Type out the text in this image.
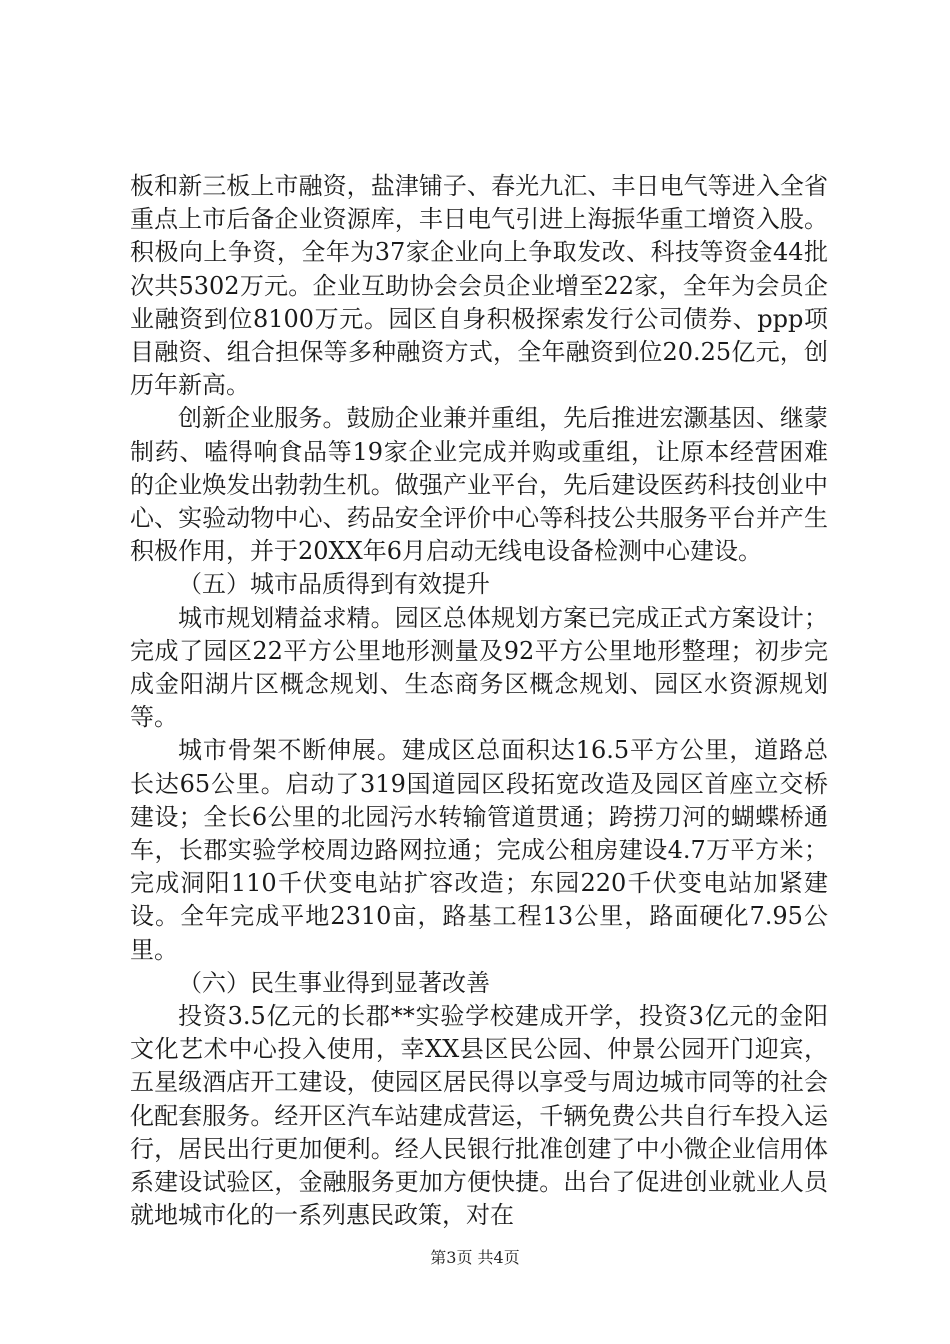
板和新三板上市融资，盐津铺子、春光九汇、丰日电气等进入全省重点上市后备企业资源库，丰日电气引进上海振华重工增资入股。积极向上争资，全年为37家企业向上争取发改、科技等资金44批次共5302万元。企业互助协会会员企业增至22家，全年为会员企业融资到位8100万元。园区自身积极探索发行公司债券、ppp项目融资、组合担保等多种融资方式，全年融资到位20.25亿元，创历年新高。

创新企业服务。鼓励企业兼并重组，先后推进宏灏基因、继蒙制药、嗑得响食品等19家企业完成并购或重组，让原本经营困难的企业焕发出勃勃生机。做强产业平台，先后建设医药科技创业中心、实验动物中心、药品安全评价中心等科技公共服务平台并产生积极作用，并于20XX年6月启动无线电设备检测中心建设。

（五）城市品质得到有效提升

城市规划精益求精。园区总体规划方案已完成正式方案设计；完成了园区22平方公里地形测量及92平方公里地形整理；初步完成金阳湖片区概念规划、生态商务区概念规划、园区水资源规划等。

城市骨架不断伸展。建成区总面积达16.5平方公里，道路总长达65公里。启动了319国道园区段拓宽改造及园区首座立交桥建设；全长6公里的北园污水转输管道贯通；跨捞刀河的蝴蝶桥通车，长郡实验学校周边路网拉通；完成公租房建设4.7万平方米；完成洞阳110千伏变电站扩容改造；东园220千伏变电站加紧建设。全年完成平地2310亩，路基工程13公里，路面硬化7.95公里。

（六）民生事业得到显著改善

投资3.5亿元的长郡**实验学校建成开学，投资3亿元的金阳文化艺术中心投入使用，幸XX县区民公园、仲景公园开门迎宾，五星级酒店开工建设，使园区居民得以享受与周边城市同等的社会化配套服务。经开区汽车站建成营运，千辆免费公共自行车投入运行，居民出行更加便利。经人民银行批准创建了中小微企业信用体系建设试验区，金融服务更加方便快捷。出台了促进创业就业人员就地城市化的一系列惠民政策，对在

第3页 共4页
